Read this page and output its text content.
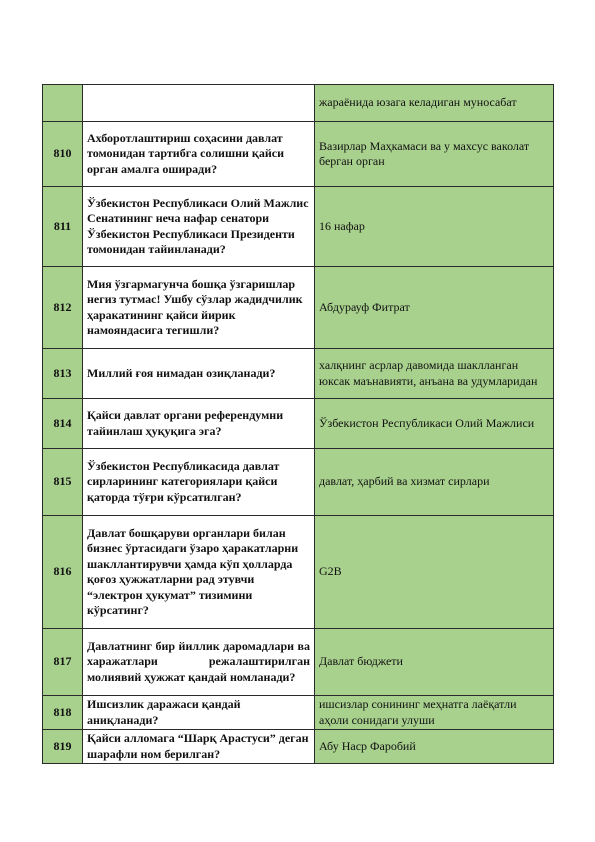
		жараёнида юзага келадиган муносабат
810	Ахборотлаштириш соҳасини давлат томонидан тартибга солишни қайси орган амалга оширади?	Вазирлар Маҳкамаси ва у махсус ваколат берган орган
811	Ўзбекистон Республикаси Олий Мажлис Сенатининг неча нафар сенатори Ўзбекистон Республикаси Президенти томонидан тайинланади?	16 нафар
812	Мия ўзгармагунча бошқа ўзгаришлар негиз тутмас! Ушбу сўзлар жадидчилик ҳаракатининг қайси йирик намояндасига тегишли?	Абдурауф Фитрат
813	Миллий ғоя нимадан озиқланади?	халқнинг асрлар давомида шаклланган юксак маънавияти, анъана ва удумларидан
814	Қайси давлат органи референдумни тайинлаш ҳуқуқига эга?	Ўзбекистон Республикаси Олий Мажлиси
815	Ўзбекистон Республикасида давлат сирларининг категориялари қайси қаторда тўғри кўрсатилган?	давлат, ҳарбий ва хизмат сирлари
816	Давлат бошқаруви органлари билан бизнес ўртасидаги ўзаро ҳаракатларни шакллантирувчи ҳамда кўп ҳолларда қоғоз ҳужжатларни рад этувчи “электрон ҳукумат” тизимини кўрсатинг?	G2B
817	Давлатнинг бир йиллик даромадлари ва харажатлари режалаштирилган молиявий ҳужжат қандай номланади?	Давлат бюджети
818	Ишсизлик даражаси қандай аниқланади?	ишсизлар сонининг меҳнатга лаёқатли аҳоли сонидаги улуши
819	Қайси алломага “Шарқ Арастуси” деган шарафли ном берилган?	Абу Наср Фаробий
